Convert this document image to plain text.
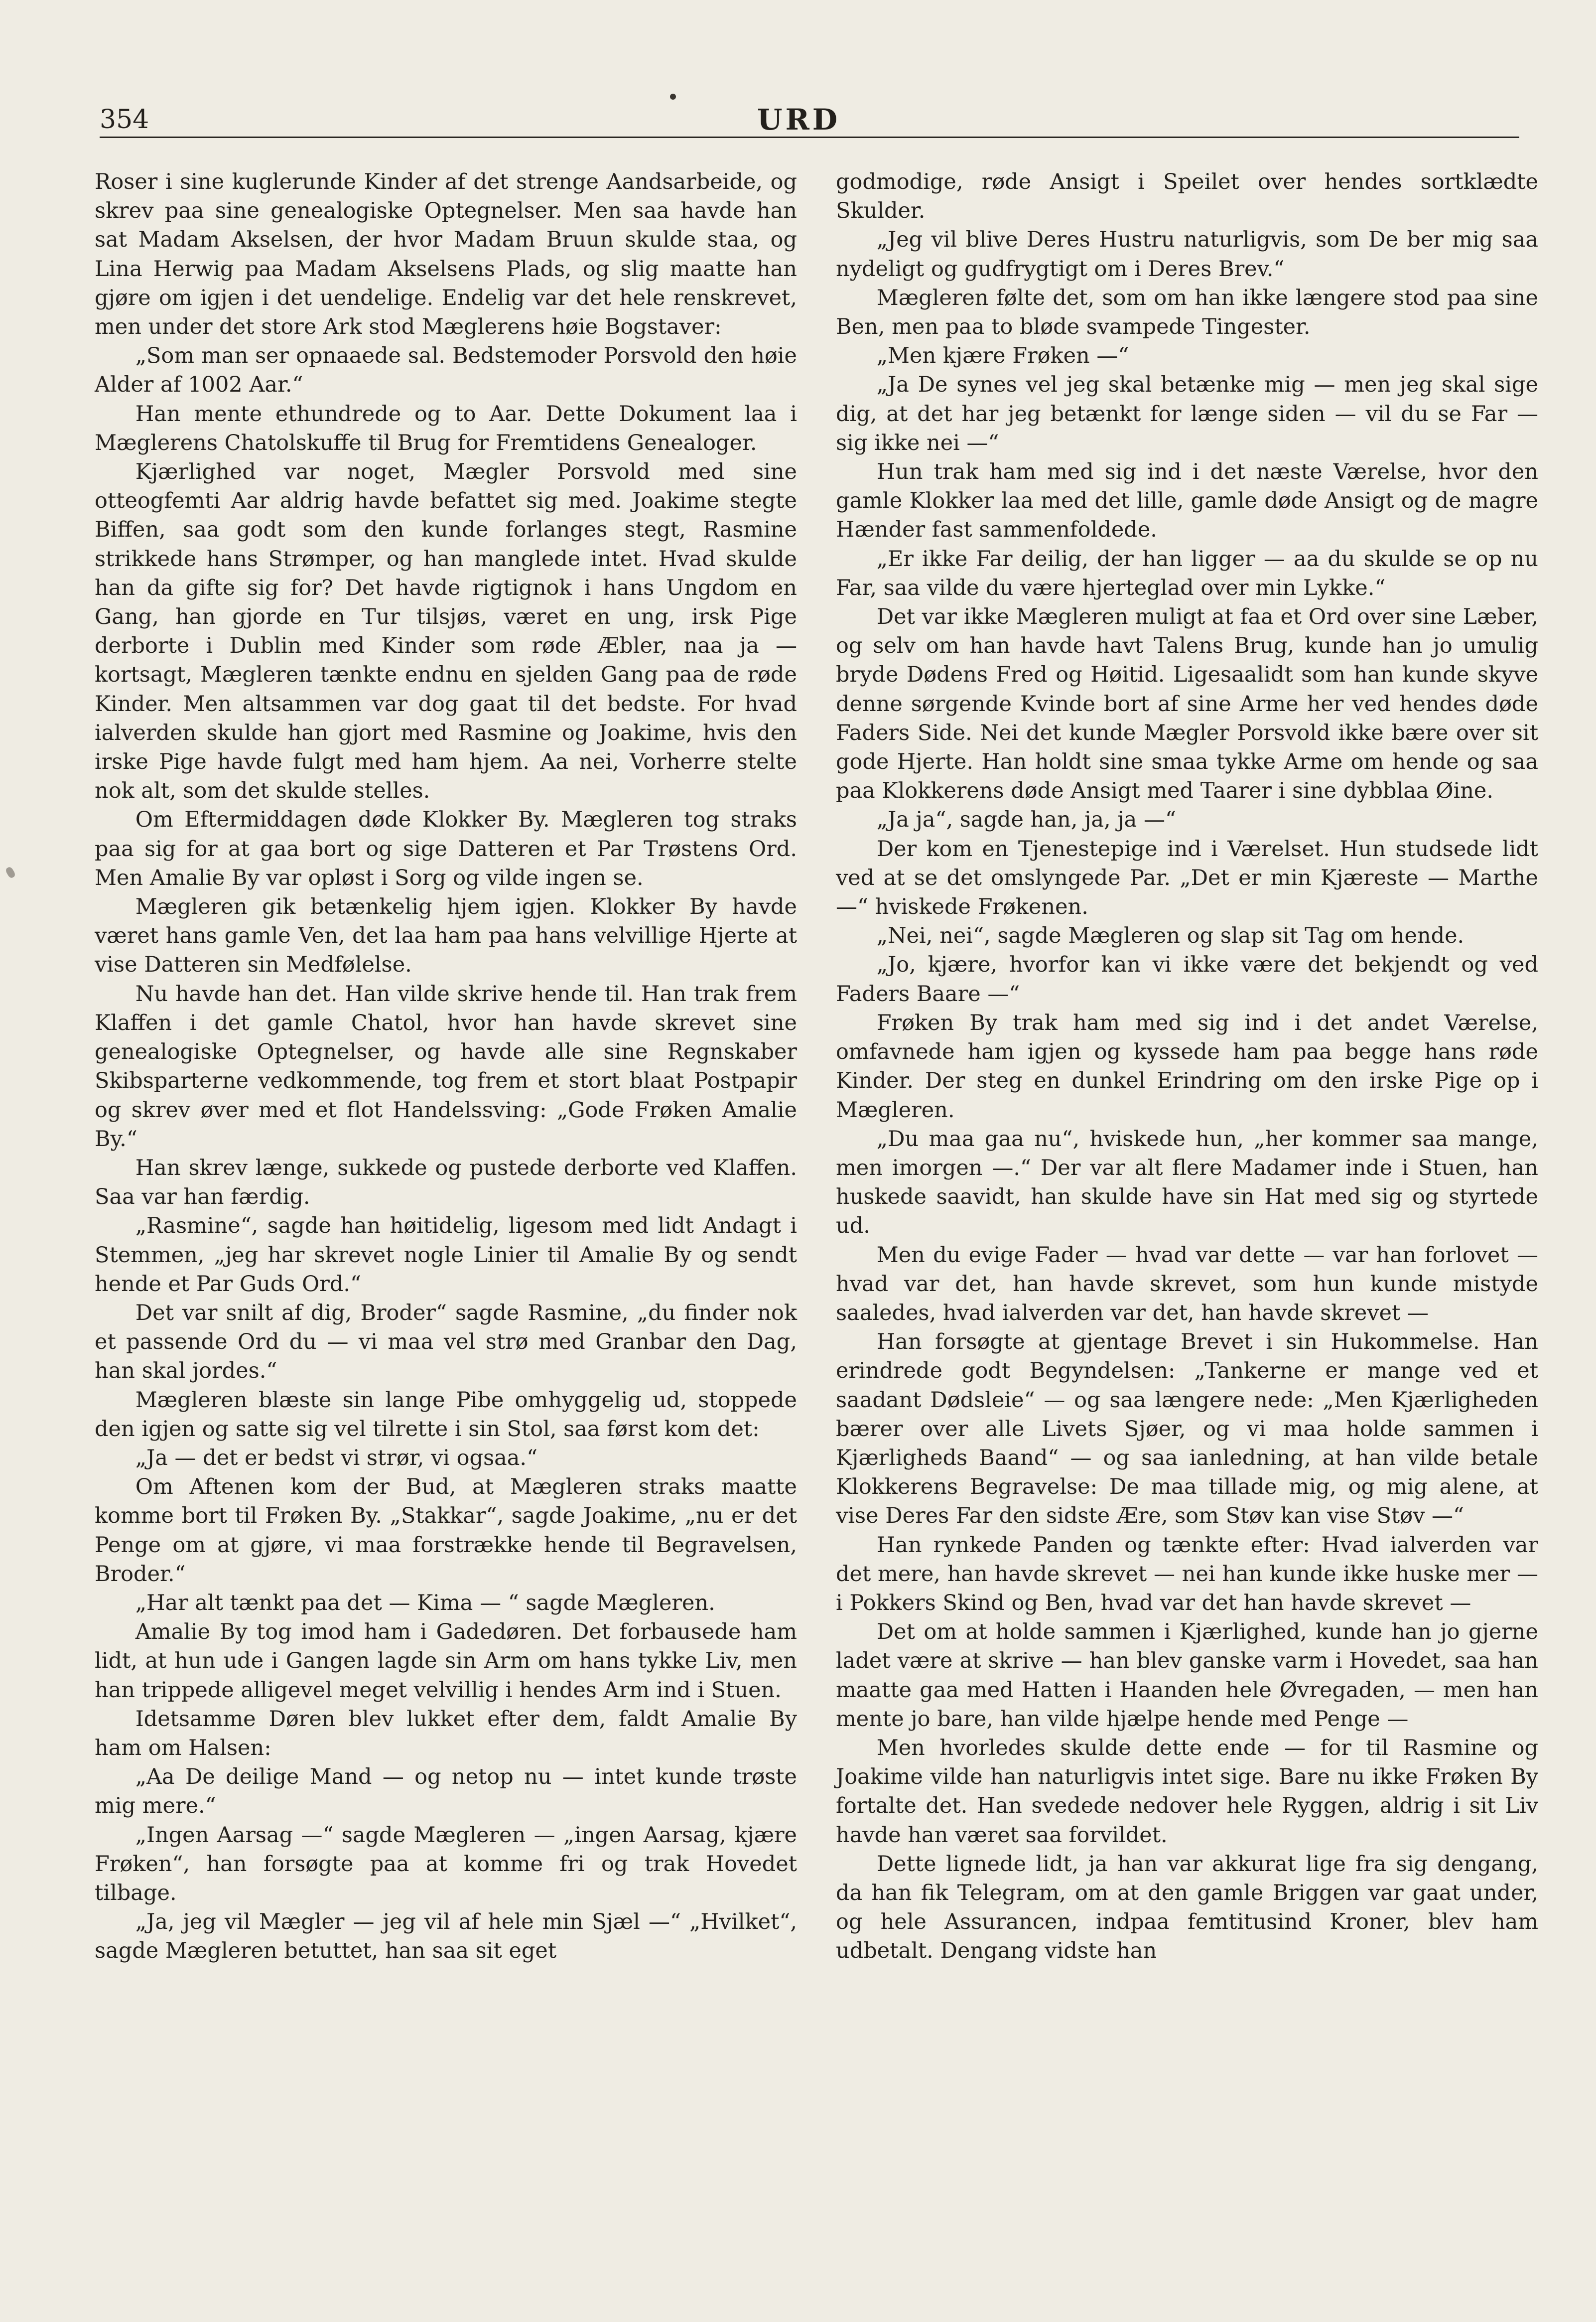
354	URD

Roser i sine kuglerunde Kinder af det strenge Aandsarbeide, og skrev paa sine genealogiske Optegnelser. Men saa havde han sat Madam Akselsen, der hvor Madam Bruun skulde staa, og Lina Herwig paa Madam Akselsens Plads, og slig maatte han gjøre om igjen i det uendelige. Endelig var det hele renskrevet, men under det store Ark stod Mæglerens høie Bogstaver:

„Som man ser opnaaede sal. Bedstemoder Porsvold den høie Alder af 1002 Aar.“

Han mente ethundrede og to Aar. Dette Dokument laa i Mæglerens Chatolskuffe til Brug for Fremtidens Genealoger.

Kjærlighed var noget, Mægler Porsvold med sine otteogfemti Aar aldrig havde befattet sig med. Joakime stegte Biffen, saa godt som den kunde forlanges stegt, Rasmine strikkede hans Strømper, og han manglede intet. Hvad skulde han da gifte sig for? Det havde rigtignok i hans Ungdom en Gang, han gjorde en Tur tilsjøs, været en ung, irsk Pige derborte i Dublin med Kinder som røde Æbler, naa ja — kortsagt, Mægleren tænkte endnu en sjelden Gang paa de røde Kinder. Men altsammen var dog gaat til det bedste. For hvad ialverden skulde han gjort med Rasmine og Joakime, hvis den irske Pige havde fulgt med ham hjem. Aa nei, Vorherre stelte nok alt, som det skulde stelles.

Om Eftermiddagen døde Klokker By. Mægleren tog straks paa sig for at gaa bort og sige Datteren et Par Trøstens Ord. Men Amalie By var opløst i Sorg og vilde ingen se.

Mægleren gik betænkelig hjem igjen. Klokker By havde været hans gamle Ven, det laa ham paa hans velvillige Hjerte at vise Datteren sin Medfølelse.

Nu havde han det. Han vilde skrive hende til. Han trak frem Klaffen i det gamle Chatol, hvor han havde skrevet sine genealogiske Optegnelser, og havde alle sine Regnskaber Skibsparterne vedkommende, tog frem et stort blaat Postpapir og skrev øver med et flot Handelssving: „Gode Frøken Amalie By.“

Han skrev længe, sukkede og pustede derborte ved Klaffen. Saa var han færdig.

„Rasmine“, sagde han høitidelig, ligesom med lidt Andagt i Stemmen, „jeg har skrevet nogle Linier til Amalie By og sendt hende et Par Guds Ord.“

Det var snilt af dig, Broder“ sagde Rasmine, „du finder nok et passende Ord du — vi maa vel strø med Granbar den Dag, han skal jordes.“

Mægleren blæste sin lange Pibe omhyggelig ud, stoppede den igjen og satte sig vel tilrette i sin Stol, saa først kom det:

„Ja — det er bedst vi strør, vi ogsaa.“

Om Aftenen kom der Bud, at Mægleren straks maatte komme bort til Frøken By. „Stakkar“, sagde Joakime, „nu er det Penge om at gjøre, vi maa forstrække hende til Begravelsen, Broder.“

„Har alt tænkt paa det — Kima — “ sagde Mægleren.

Amalie By tog imod ham i Gadedøren. Det forbausede ham lidt, at hun ude i Gangen lagde sin Arm om hans tykke Liv, men han trippede alligevel meget velvillig i hendes Arm ind i Stuen.

Idetsamme Døren blev lukket efter dem, faldt Amalie By ham om Halsen:

„Aa De deilige Mand — og netop nu — intet kunde trøste mig mere.“

„Ingen Aarsag —“ sagde Mægleren — „ingen Aarsag, kjære Frøken“, han forsøgte paa at komme fri og trak Hovedet tilbage.

„Ja, jeg vil Mægler — jeg vil af hele min Sjæl —“ „Hvilket“, sagde Mægleren betuttet, han saa sit eget

godmodige, røde Ansigt i Speilet over hendes sortklædte Skulder.

„Jeg vil blive Deres Hustru naturligvis, som De ber mig saa nydeligt og gudfrygtigt om i Deres Brev.“

Mægleren følte det, som om han ikke længere stod paa sine Ben, men paa to bløde svampede Tingester.

„Men kjære Frøken —“

„Ja De synes vel jeg skal betænke mig — men jeg skal sige dig, at det har jeg betænkt for længe siden — vil du se Far — sig ikke nei —“

Hun trak ham med sig ind i det næste Værelse, hvor den gamle Klokker laa med det lille, gamle døde Ansigt og de magre Hænder fast sammenfoldede.

„Er ikke Far deilig, der han ligger — aa du skulde se op nu Far, saa vilde du være hjerteglad over min Lykke.“

Det var ikke Mægleren muligt at faa et Ord over sine Læber, og selv om han havde havt Talens Brug, kunde han jo umulig bryde Dødens Fred og Høitid. Ligesaalidt som han kunde skyve denne sørgende Kvinde bort af sine Arme her ved hendes døde Faders Side. Nei det kunde Mægler Porsvold ikke bære over sit gode Hjerte. Han holdt sine smaa tykke Arme om hende og saa paa Klokkerens døde Ansigt med Taarer i sine dybblaa Øine.

„Ja ja“, sagde han, ja, ja —“

Der kom en Tjenestepige ind i Værelset. Hun studsede lidt ved at se det omslyngede Par. „Det er min Kjæreste — Marthe —“ hviskede Frøkenen.

„Nei, nei“, sagde Mægleren og slap sit Tag om hende.

„Jo, kjære, hvorfor kan vi ikke være det bekjendt og ved Faders Baare —“

Frøken By trak ham med sig ind i det andet Værelse, omfavnede ham igjen og kyssede ham paa begge hans røde Kinder. Der steg en dunkel Erindring om den irske Pige op i Mægleren.

„Du maa gaa nu“, hviskede hun, „her kommer saa mange, men imorgen —.“ Der var alt flere Madamer inde i Stuen, han huskede saavidt, han skulde have sin Hat med sig og styrtede ud.

Men du evige Fader — hvad var dette — var han forlovet — hvad var det, han havde skrevet, som hun kunde mistyde saaledes, hvad ialverden var det, han havde skrevet —

Han forsøgte at gjentage Brevet i sin Hukommelse. Han erindrede godt Begyndelsen: „Tankerne er mange ved et saadant Dødsleie“ — og saa længere nede: „Men Kjærligheden bærer over alle Livets Sjøer, og vi maa holde sammen i Kjærligheds Baand“ — og saa ianledning, at han vilde betale Klokkerens Begravelse: De maa tillade mig, og mig alene, at vise Deres Far den sidste Ære, som Støv kan vise Støv —“

Han rynkede Panden og tænkte efter: Hvad ialverden var det mere, han havde skrevet — nei han kunde ikke huske mer — i Pokkers Skind og Ben, hvad var det han havde skrevet —

Det om at holde sammen i Kjærlighed, kunde han jo gjerne ladet være at skrive — han blev ganske varm i Hovedet, saa han maatte gaa med Hatten i Haanden hele Øvregaden, — men han mente jo bare, han vilde hjælpe hende med Penge —

Men hvorledes skulde dette ende — for til Rasmine og Joakime vilde han naturligvis intet sige. Bare nu ikke Frøken By fortalte det. Han svedede nedover hele Ryggen, aldrig i sit Liv havde han været saa forvildet.

Dette lignede lidt, ja han var akkurat lige fra sig dengang, da han fik Telegram, om at den gamle Briggen var gaat under, og hele Assurancen, indpaa femtitusind Kroner, blev ham udbetalt. Dengang vidste han
